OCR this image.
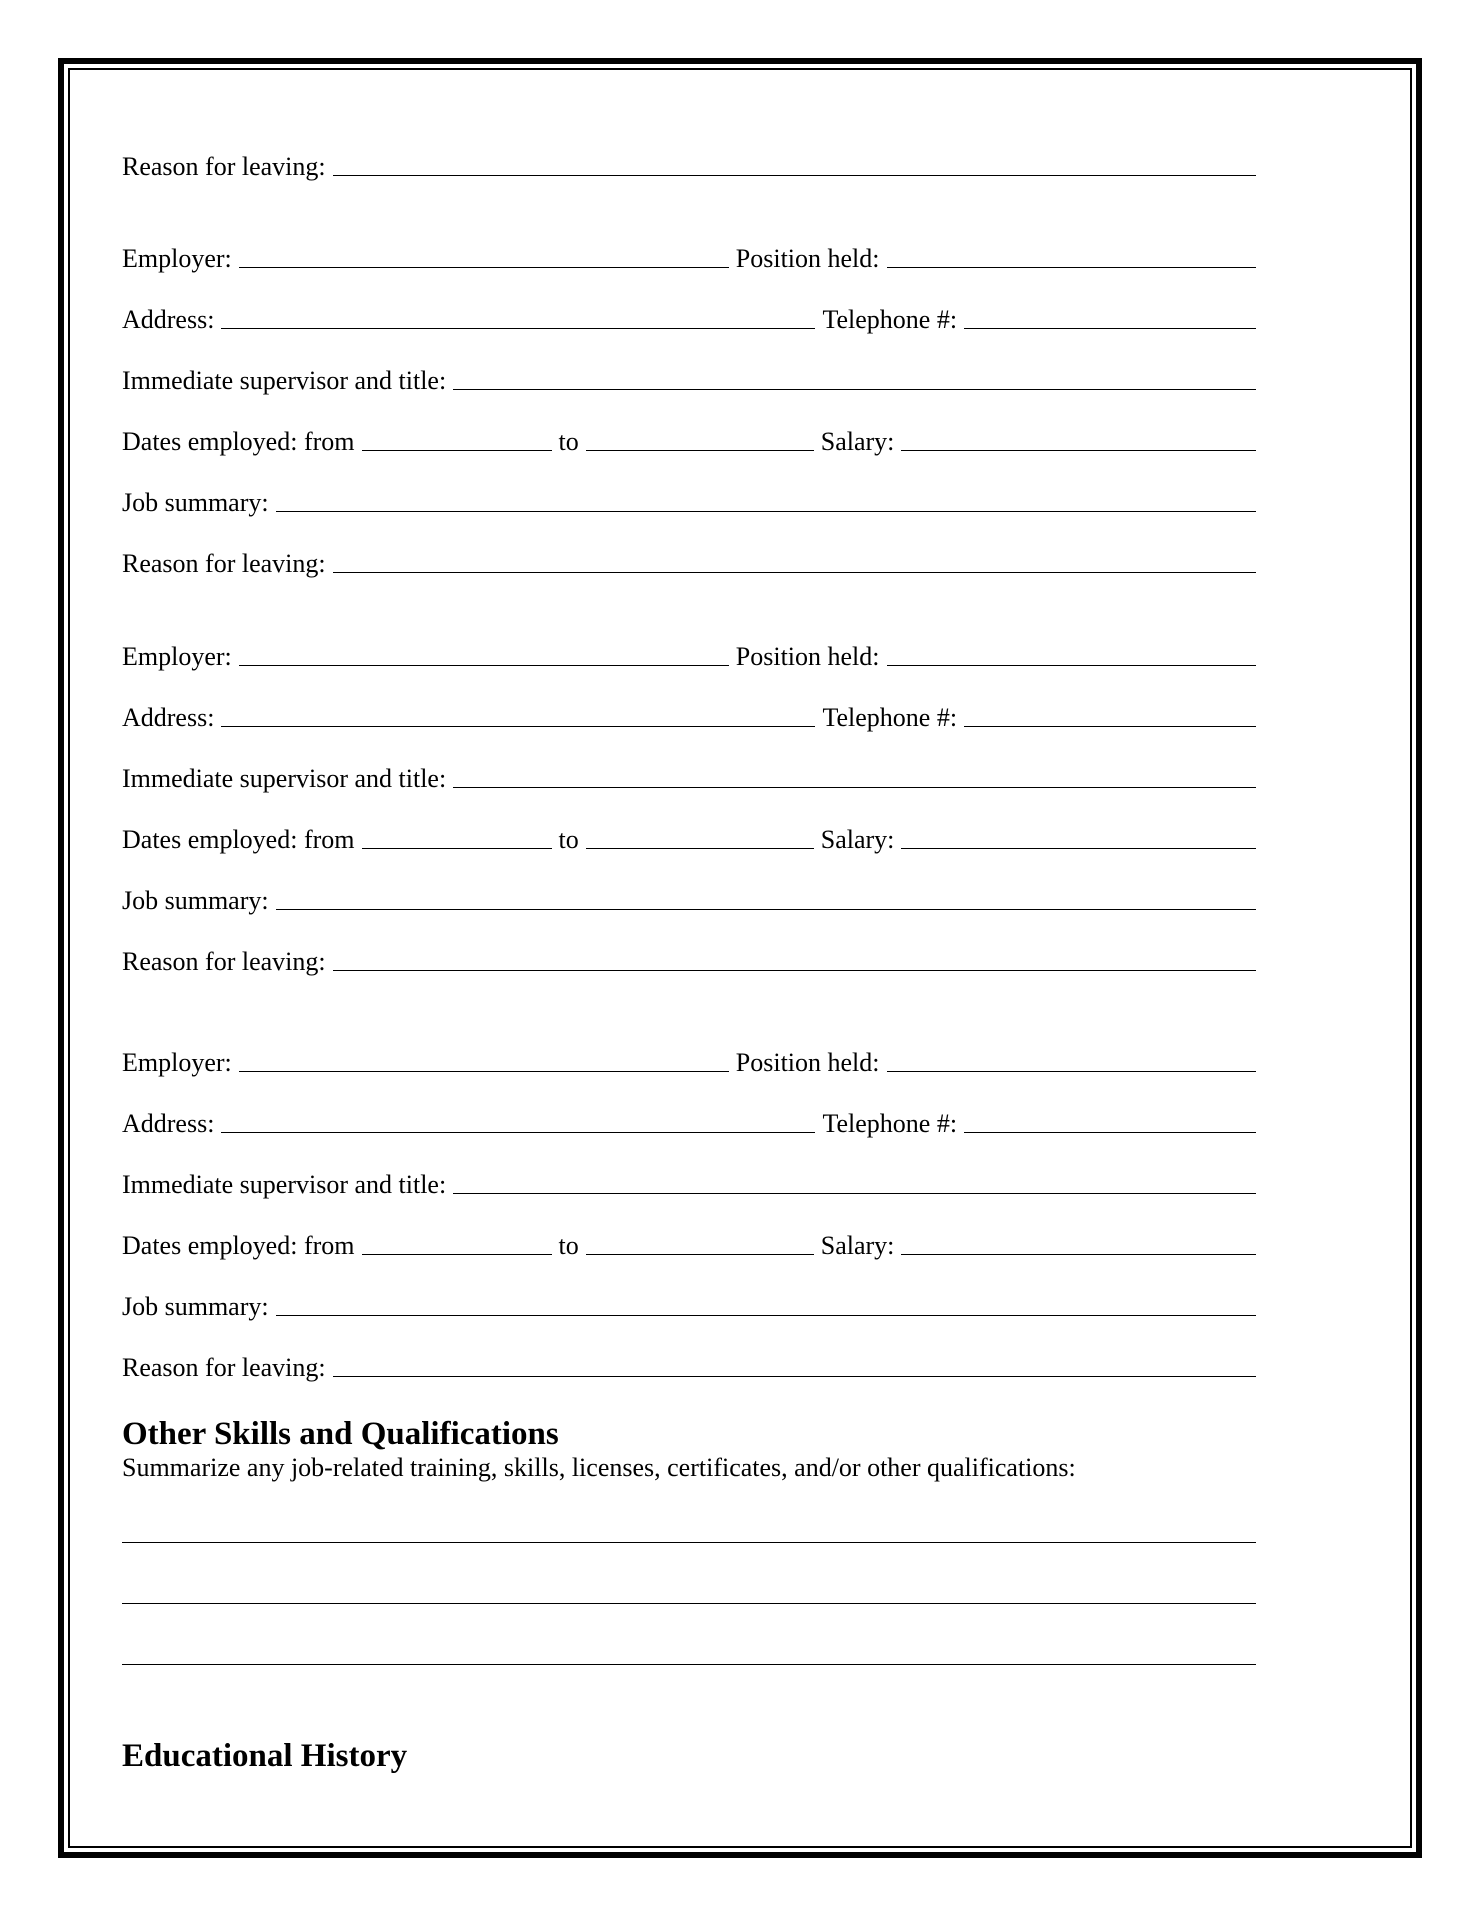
Reason for leaving:
Employer:	Position held:
Address:	Telephone #:
Immediate supervisor and title:
Dates employed: from	to	Salary:
Job summary:
Reason for leaving:
Employer:	Position held:
Address:	Telephone #:
Immediate supervisor and title:
Dates employed: from	to	Salary:
Job summary:
Reason for leaving:
Employer:	Position held:
Address:	Telephone #:
Immediate supervisor and title:
Dates employed: from	to	Salary:
Job summary:
Reason for leaving:
Other Skills and Qualifications
Summarize any job-related training, skills, licenses, certificates, and/or other qualifications:
Educational History
